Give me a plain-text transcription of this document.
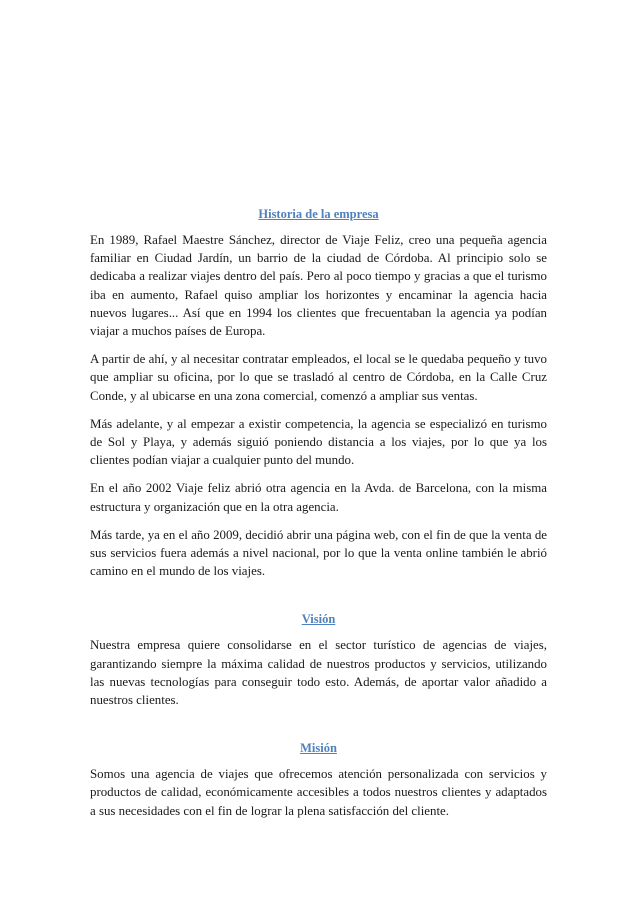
Historia de la empresa

En 1989, Rafael Maestre Sánchez, director de Viaje Feliz, creo una pequeña agencia familiar en Ciudad Jardín, un barrio de la ciudad de Córdoba. Al principio solo se dedicaba a realizar viajes dentro del país. Pero al poco tiempo y gracias a que el turismo iba en aumento, Rafael quiso ampliar los horizontes y encaminar la agencia hacia nuevos lugares... Así que en 1994 los clientes que frecuentaban la agencia ya podían viajar a muchos países de Europa.

A partir de ahí, y al necesitar contratar empleados, el local se le quedaba pequeño y tuvo que ampliar su oficina, por lo que se trasladó al centro de Córdoba, en la Calle Cruz Conde, y al ubicarse en una zona comercial, comenzó a ampliar sus ventas.

Más adelante, y al empezar a existir competencia, la agencia se especializó en turismo de Sol y Playa, y además siguió poniendo distancia a los viajes, por lo que ya los clientes podían viajar a cualquier punto del mundo.

En el año 2002 Viaje feliz abrió otra agencia en la Avda. de Barcelona, con la misma estructura y organización que en la otra agencia.

Más tarde, ya en el año 2009, decidió abrir una página web, con el fin de que la venta de sus servicios fuera además a nivel nacional, por lo que la venta online también le abrió camino en el mundo de los viajes.

Visión

Nuestra empresa quiere consolidarse en el sector turístico de agencias de viajes, garantizando siempre la máxima calidad de nuestros productos y servicios, utilizando las nuevas tecnologías para conseguir todo esto. Además, de aportar valor añadido a nuestros clientes.

Misión

Somos una agencia de viajes que ofrecemos atención personalizada con servicios y productos de calidad, económicamente accesibles a todos nuestros clientes y adaptados a sus necesidades con el fin de lograr la plena satisfacción del cliente.
